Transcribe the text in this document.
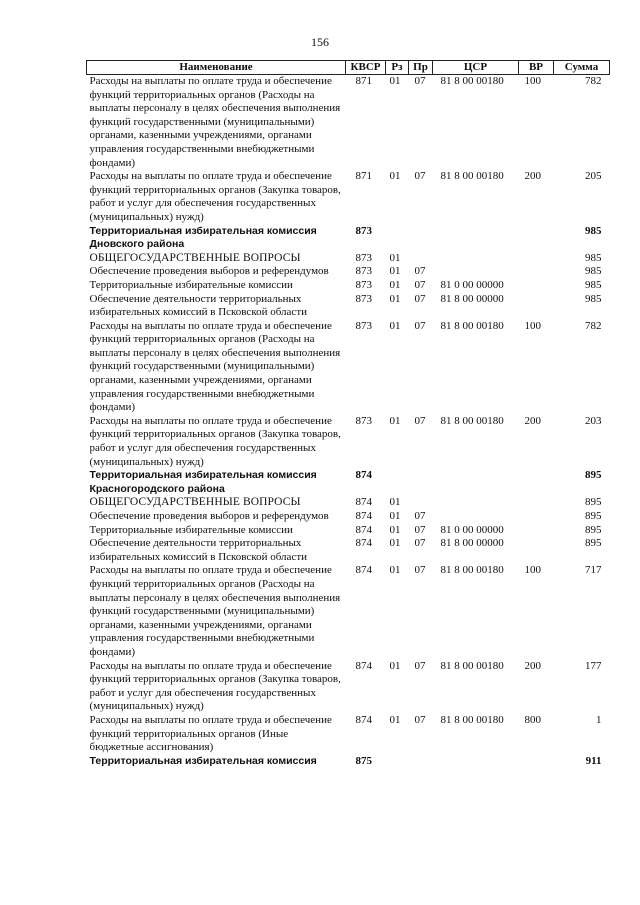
156
Наименование	КВСР	Рз	Пр	ЦСР	ВР	Сумма
Расходы на выплаты по оплате труда и обеспечение функций территориальных органов (Расходы на выплаты персоналу в целях обеспечения выполнения функций государственными (муниципальными) органами, казенными учреждениями, органами управления государственными внебюджетными фондами)	871	01	07	81 8 00 00180	100	782
Расходы на выплаты по оплате труда и обеспечение функций территориальных органов (Закупка товаров, работ и услуг для обеспечения государственных (муниципальных) нужд)	871	01	07	81 8 00 00180	200	205
Территориальная избирательная комиссия Дновского района	873					985
ОБЩЕГОСУДАРСТВЕННЫЕ ВОПРОСЫ	873	01				985
Обеспечение проведения выборов и референдумов	873	01	07			985
Территориальные избирательные комиссии	873	01	07	81 0 00 00000		985
Обеспечение деятельности территориальных избирательных комиссий в Псковской области	873	01	07	81 8 00 00000		985
Расходы на выплаты по оплате труда и обеспечение функций территориальных органов (Расходы на выплаты персоналу в целях обеспечения выполнения функций государственными (муниципальными) органами, казенными учреждениями, органами управления государственными внебюджетными фондами)	873	01	07	81 8 00 00180	100	782
Расходы на выплаты по оплате труда и обеспечение функций территориальных органов (Закупка товаров, работ и услуг для обеспечения государственных (муниципальных) нужд)	873	01	07	81 8 00 00180	200	203
Территориальная избирательная комиссия Красногородского района	874					895
ОБЩЕГОСУДАРСТВЕННЫЕ ВОПРОСЫ	874	01				895
Обеспечение проведения выборов и референдумов	874	01	07			895
Территориальные избирательные комиссии	874	01	07	81 0 00 00000		895
Обеспечение деятельности территориальных избирательных комиссий в Псковской области	874	01	07	81 8 00 00000		895
Расходы на выплаты по оплате труда и обеспечение функций территориальных органов (Расходы на выплаты персоналу в целях обеспечения выполнения функций государственными (муниципальными) органами, казенными учреждениями, органами управления государственными внебюджетными фондами)	874	01	07	81 8 00 00180	100	717
Расходы на выплаты по оплате труда и обеспечение функций территориальных органов (Закупка товаров, работ и услуг для обеспечения государственных (муниципальных) нужд)	874	01	07	81 8 00 00180	200	177
Расходы на выплаты по оплате труда и обеспечение функций территориальных органов (Иные бюджетные ассигнования)	874	01	07	81 8 00 00180	800	1
Территориальная избирательная комиссия	875					911
